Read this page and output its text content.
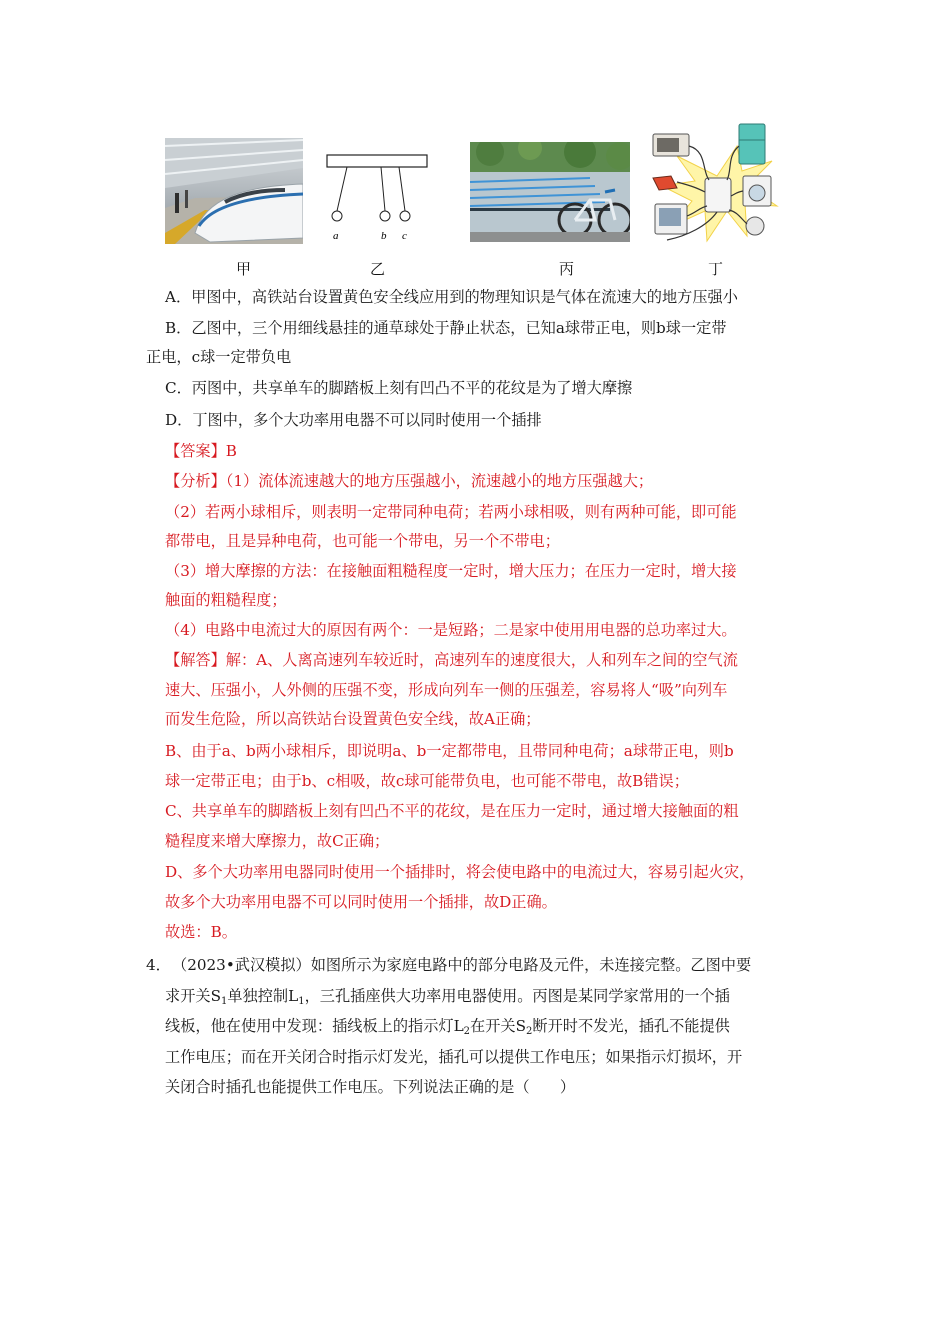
a	b c
甲	乙	丙	丁
A．甲图中，高铁站台设置黄色安全线应用到的物理知识是气体在流速大的地方压强小
B．乙图中，三个用细线悬挂的通草球处于静止状态，已知a球带正电，则b球一定带
正电，c球一定带负电
C．丙图中，共享单车的脚踏板上刻有凹凸不平的花纹是为了增大摩擦
D．丁图中，多个大功率用电器不可以同时使用一个插排
【答案】B
【分析】（1）流体流速越大的地方压强越小，流速越小的地方压强越大；
（2）若两小球相斥，则表明一定带同种电荷；若两小球相吸，则有两种可能，即可能
都带电，且是异种电荷，也可能一个带电，另一个不带电；
（3）增大摩擦的方法：在接触面粗糙程度一定时，增大压力；在压力一定时，增大接
触面的粗糙程度；
（4）电路中电流过大的原因有两个：一是短路；二是家中使用用电器的总功率过大。
【解答】解：A、人离高速列车较近时，高速列车的速度很大，人和列车之间的空气流
速大、压强小，人外侧的压强不变，形成向列车一侧的压强差，容易将人“吸”向列车
而发生危险，所以高铁站台设置黄色安全线，故A正确；
B、由于a、b两小球相斥，即说明a、b一定都带电，且带同种电荷；a球带正电，则b
球一定带正电；由于b、c相吸，故c球可能带负电，也可能不带电，故B错误；
C、共享单车的脚踏板上刻有凹凸不平的花纹，是在压力一定时，通过增大接触面的粗
糙程度来增大摩擦力，故C正确；
D、多个大功率用电器同时使用一个插排时，将会使电路中的电流过大，容易引起火灾，
故多个大功率用电器不可以同时使用一个插排，故D正确。
故选：B。
4． （2023•武汉模拟）如图所示为家庭电路中的部分电路及元件，未连接完整。乙图中要
求开关S1单独控制L1，三孔插座供大功率用电器使用。丙图是某同学家常用的一个插
线板，他在使用中发现：插线板上的指示灯L2在开关S2断开时不发光，插孔不能提供
工作电压；而在开关闭合时指示灯发光，插孔可以提供工作电压；如果指示灯损坏，开
关闭合时插孔也能提供工作电压。下列说法正确的是（　　）
